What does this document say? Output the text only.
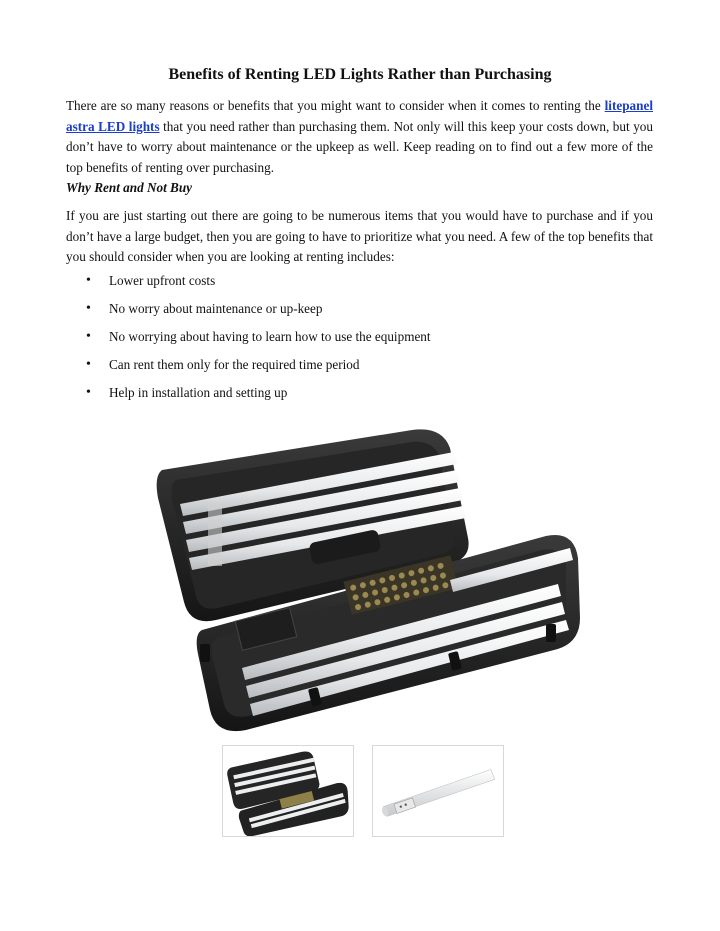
Benefits of Renting LED Lights Rather than Purchasing

There are so many reasons or benefits that you might want to consider when it comes to renting the litepanel astra LED lights that you need rather than purchasing them. Not only will this keep your costs down, but you don’t have to worry about maintenance or the upkeep as well. Keep reading on to find out a few more of the top benefits of renting over purchasing.

Why Rent and Not Buy

If you are just starting out there are going to be numerous items that you would have to purchase and if you don’t have a large budget, then you are going to have to prioritize what you need. A few of the top benefits that you should consider when you are looking at renting includes:

• Lower upfront costs
• No worry about maintenance or up-keep
• No worrying about having to learn how to use the equipment
• Can rent them only for the required time period
• Help in installation and setting up
